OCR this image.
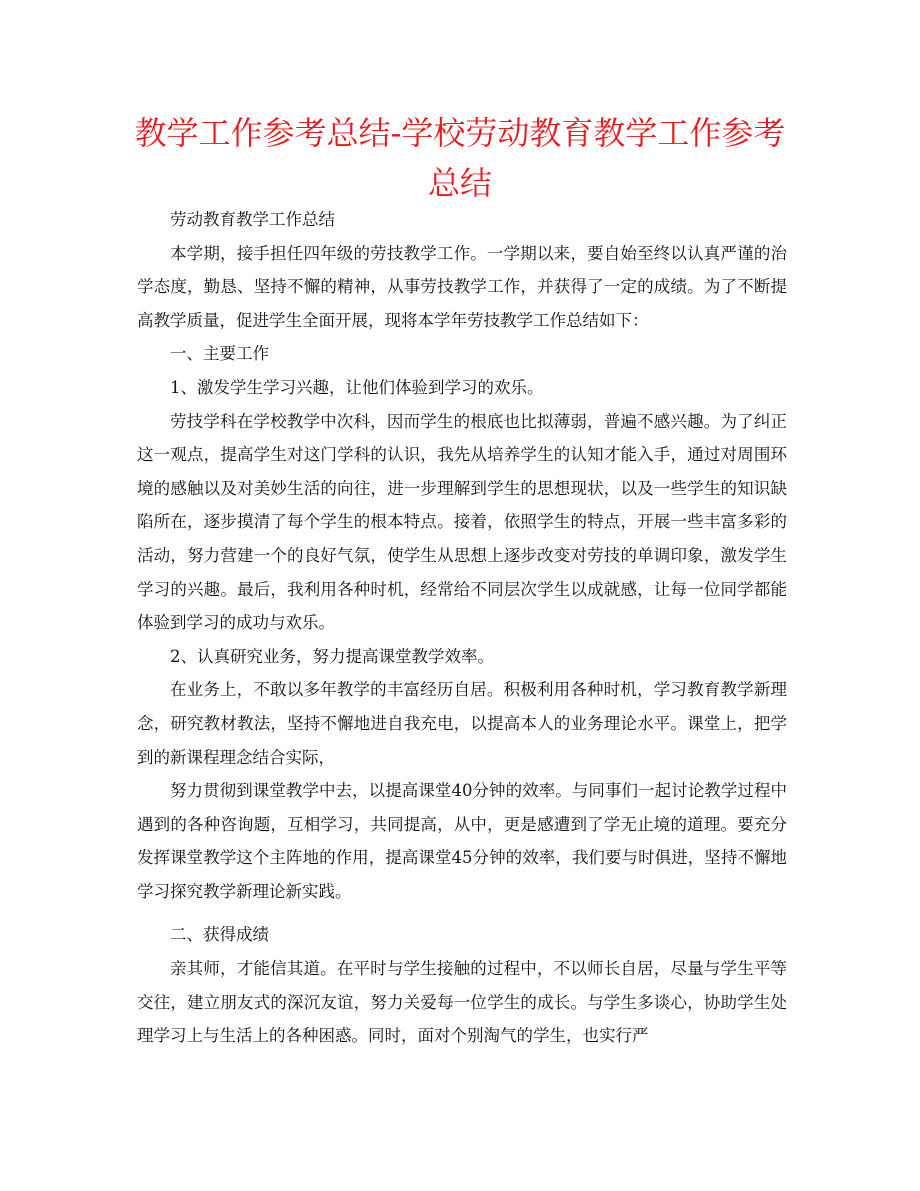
教学工作参考总结-学校劳动教育教学工作参考总结

劳动教育教学工作总结

本学期，接手担任四年级的劳技教学工作。一学期以来，要自始至终以认真严谨的治学态度，勤恳、坚持不懈的精神，从事劳技教学工作，并获得了一定的成绩。为了不断提高教学质量，促进学生全面开展，现将本学年劳技教学工作总结如下：

一、主要工作

1、激发学生学习兴趣，让他们体验到学习的欢乐。

劳技学科在学校教学中次科，因而学生的根底也比拟薄弱，普遍不感兴趣。为了纠正这一观点，提高学生对这门学科的认识，我先从培养学生的认知才能入手，通过对周围环境的感触以及对美妙生活的向往，进一步理解到学生的思想现状，以及一些学生的知识缺陷所在，逐步摸清了每个学生的根本特点。接着，依照学生的特点，开展一些丰富多彩的活动，努力营建一个的良好气氛，使学生从思想上逐步改变对劳技的单调印象，激发学生学习的兴趣。最后，我利用各种时机，经常给不同层次学生以成就感，让每一位同学都能体验到学习的成功与欢乐。

2、认真研究业务，努力提高课堂教学效率。

在业务上，不敢以多年教学的丰富经历自居。积极利用各种时机，学习教育教学新理念，研究教材教法，坚持不懈地进自我充电，以提高本人的业务理论水平。课堂上，把学到的新课程理念结合实际，

努力贯彻到课堂教学中去，以提高课堂40分钟的效率。与同事们一起讨论教学过程中遇到的各种咨询题，互相学习，共同提高，从中，更是感遭到了学无止境的道理。要充分发挥课堂教学这个主阵地的作用，提高课堂45分钟的效率，我们要与时俱进，坚持不懈地学习探究教学新理论新实践。

二、获得成绩

亲其师，才能信其道。在平时与学生接触的过程中，不以师长自居，尽量与学生平等交往，建立朋友式的深沉友谊，努力关爱每一位学生的成长。与学生多谈心，协助学生处理学习上与生活上的各种困惑。同时，面对个别淘气的学生，也实行严
